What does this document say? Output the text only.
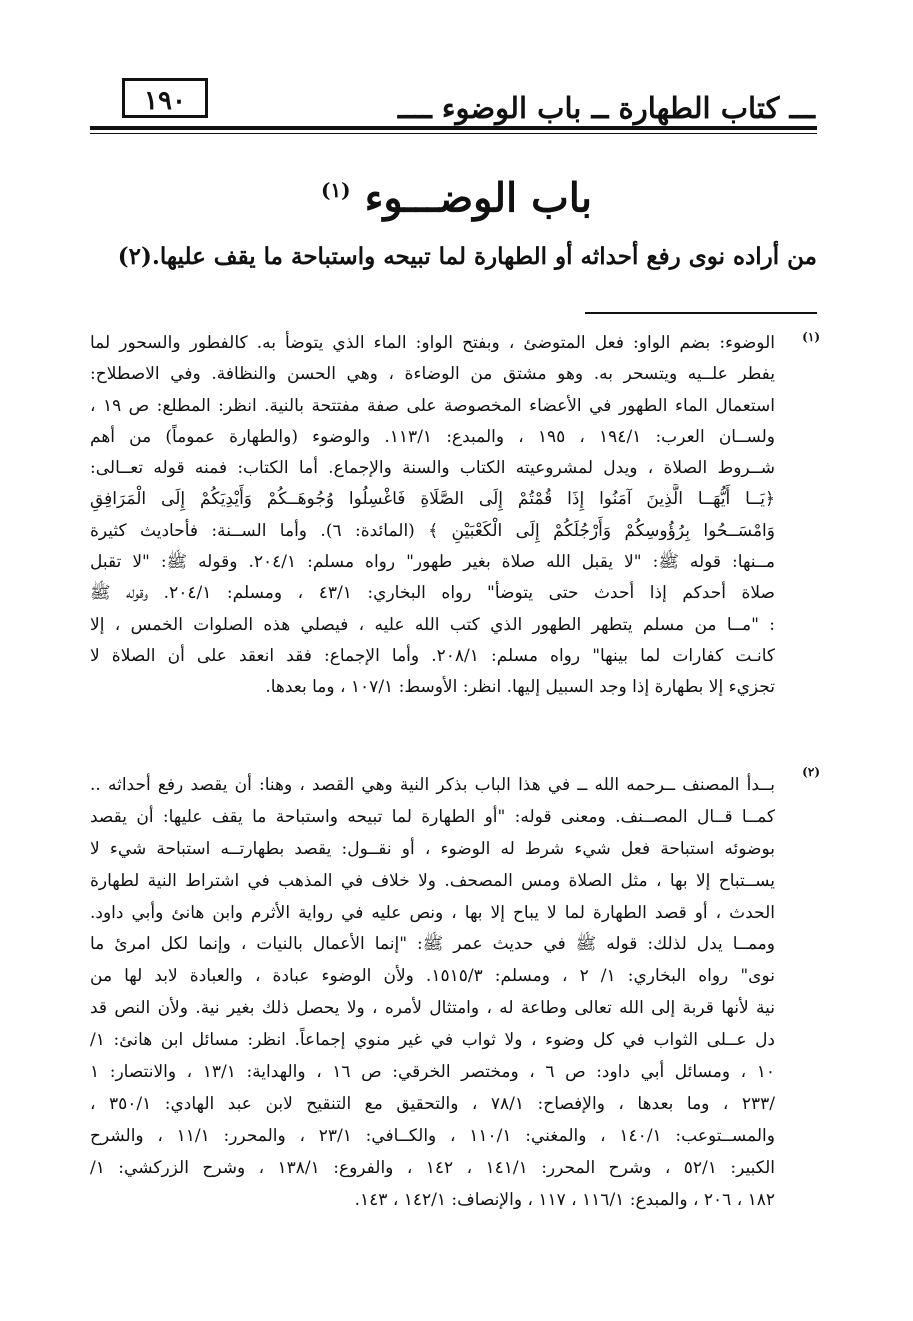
١٩٠	ـــ كتاب الطهارة ــ باب الوضوء ــــ
باب الوضـــوء $^{(١)}$
من أراده نوى رفع أحداثه أو الطهارة لما تبيحه واستباحة ما يقف عليها.(٢)
(١)
الوضوء: بضم الواو: فعل المتوضئ ، وبفتح الواو: الماء الذي يتوضأ به. كالفطور والسحور لما
يفطر علــيه ويتسحر به. وهو مشتق من الوضاءة ، وهي الحسن والنظافة. وفي الاصطلاح:
استعمال الماء الطهور في الأعضاء المخصوصة على صفة مفتتحة بالنية. انظر: المطلع: ص ١٩ ،
ولســان العرب: ١٩٤/١ ، ١٩٥ ، والمبدع: ١١٣/١. والوضوء (والطهارة عموماً) من أهم
شــروط الصلاة ، ويدل لمشروعيته الكتاب والسنة والإجماع. أما الكتاب: فمنه قوله تعــالى:
﴿يَــا أَيُّهَــا الَّذِينَ آمَنُوا إِذَا قُمْتُمْ إِلَى الصَّلَاةِ فَاغْسِلُوا وُجُوهَــكُمْ وَأَيْدِيَكُمْ إِلَى الْمَرَافِقِ
وَامْسَــحُوا بِرُؤُوسِكُمْ وَأَرْجُلَكُمْ إِلَى الْكَعْبَيْنِ ﴾ (المائدة: ٦). وأما الســنة: فأحاديث كثيرة
مــنها: قوله ﷺ: "لا يقبل الله صلاة بغير طهور" رواه مسلم: ٢٠٤/١. وقوله ﷺ: "لا تقبل
صلاة أحدكم إذا أحدث حتى يتوضأ" رواه البخاري: ٤٣/١ ، ومسلم: ٢٠٤/١. وقوله ﷺ
: "مــا من مسلم يتطهر الطهور الذي كتب الله عليه ، فيصلي هذه الصلوات الخمس ، إلا
كانـت كفارات لما بينها" رواه مسلم: ٢٠٨/١. وأما الإجماع: فقد انعقد على أن الصلاة لا
تجزيء إلا بطهارة إذا وجد السبيل إليها. انظر: الأوسط: ١٠٧/١ ، وما بعدها.
(٢)
بــدأ المصنف ــرحمه الله ــ في هذا الباب بذكر النية وهي القصد ، وهنا: أن يقصد رفع أحداثه ..
كمــا قــال المصــنف. ومعنى قوله: "أو الطهارة لما تبيحه واستباحة ما يقف عليها: أن يقصد
بوضوئه استباحة فعل شيء شرط له الوضوء ، أو نقــول: يقصد بطهارتــه استباحة شيء لا
يســتباح إلا بها ، مثل الصلاة ومس المصحف. ولا خلاف في المذهب في اشتراط النية لطهارة
الحدث ، أو قصد الطهارة لما لا يباح إلا بها ، ونص عليه في رواية الأثرم وابن هانئ وأبي داود.
وممــا يدل لذلك: قوله ﷺ في حديث عمر ﷺ: "إنما الأعمال بالنيات ، وإنما لكل امرئ ما
نوى" رواه البخاري: ١/ ٢ ، ومسلم: ١٥١٥/٣. ولأن الوضوء عبادة ، والعبادة لابد لها من
نية لأنها قربة إلى الله تعالى وطاعة له ، وامتثال لأمره ، ولا يحصل ذلك بغير نية. ولأن النص قد
دل عــلى الثواب في كل وضوء ، ولا ثواب في غير منوي إجماعاً. انظر: مسائل ابن هانئ: ١/
١٠ ، ومسائل أبي داود: ص ٦ ، ومختصر الخرقي: ص ١٦ ، والهداية: ١٣/١ ، والانتصار: ١
/٢٣٣ ، وما بعدها ، والإفصاح: ٧٨/١ ، والتحقيق مع التنقيح لابن عبد الهادي: ٣٥٠/١ ،
والمســتوعب: ١٤٠/١ ، والمغني: ١١٠/١ ، والكــافي: ٢٣/١ ، والمحرر: ١١/١ ، والشرح
الكبير: ٥٢/١ ، وشرح المحرر: ١٤١/١ ، ١٤٢ ، والفروع: ١٣٨/١ ، وشرح الزركشي: ١/
١٨٢ ، ٢٠٦ ، والمبدع: ١١٦/١ ، ١١٧ ، والإنصاف: ١٤٢/١ ، ١٤٣.
